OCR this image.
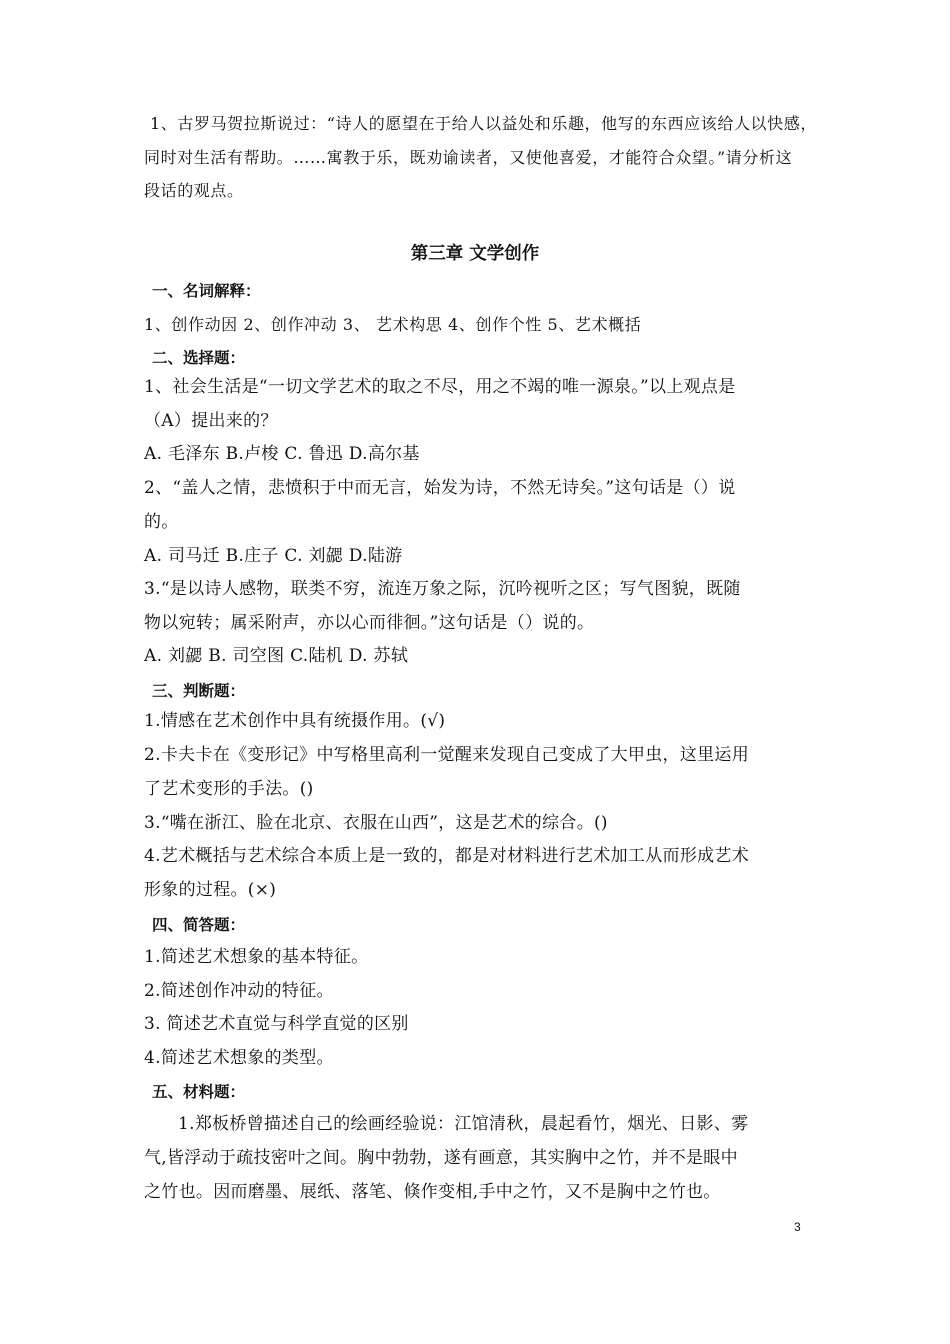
1、古罗马贺拉斯说过：“诗人的愿望在于给人以益处和乐趣，他写的东西应该给人以快感，
同时对生活有帮助。……寓教于乐，既劝谕读者，又使他喜爱，才能符合众望。”请分析这
段话的观点。
第三章 文学创作
一、名词解释：
1、创作动因 2、创作冲动 3、 艺术构思 4、创作个性 5、艺术概括
二、选择题：
1、社会生活是“一切文学艺术的取之不尽，用之不竭的唯一源泉。”以上观点是
（A）提出来的？
A. 毛泽东 B.卢梭 C. 鲁迅 D.高尔基
2、“盖人之情，悲愤积于中而无言，始发为诗，不然无诗矣。”这句话是（）说
的。
A. 司马迁 B.庄子 C. 刘勰 D.陆游
3.“是以诗人感物，联类不穷，流连万象之际，沉吟视听之区；写气图貌，既随
物以宛转；属采附声，亦以心而徘徊。”这句话是（）说的。
A. 刘勰 B. 司空图 C.陆机 D. 苏轼
三、判断题：
1.情感在艺术创作中具有统摄作用。(√)
2.卡夫卡在《变形记》中写格里高利一觉醒来发现自己变成了大甲虫，这里运用
了艺术变形的手法。()
3.“嘴在浙江、脸在北京、衣服在山西”，这是艺术的综合。()
4.艺术概括与艺术综合本质上是一致的，都是对材料进行艺术加工从而形成艺术
形象的过程。(×)
四、简答题：
1.简述艺术想象的基本特征。
2.简述创作冲动的特征。
3. 简述艺术直觉与科学直觉的区别
4.简述艺术想象的类型。
五、材料题：
1.郑板桥曾描述自己的绘画经验说：江馆清秋，晨起看竹，烟光、日影、雾
气,皆浮动于疏技密叶之间。胸中勃勃，遂有画意，其实胸中之竹，并不是眼中
之竹也。因而磨墨、展纸、落笔、倏作变相,手中之竹，又不是胸中之竹也。
3
